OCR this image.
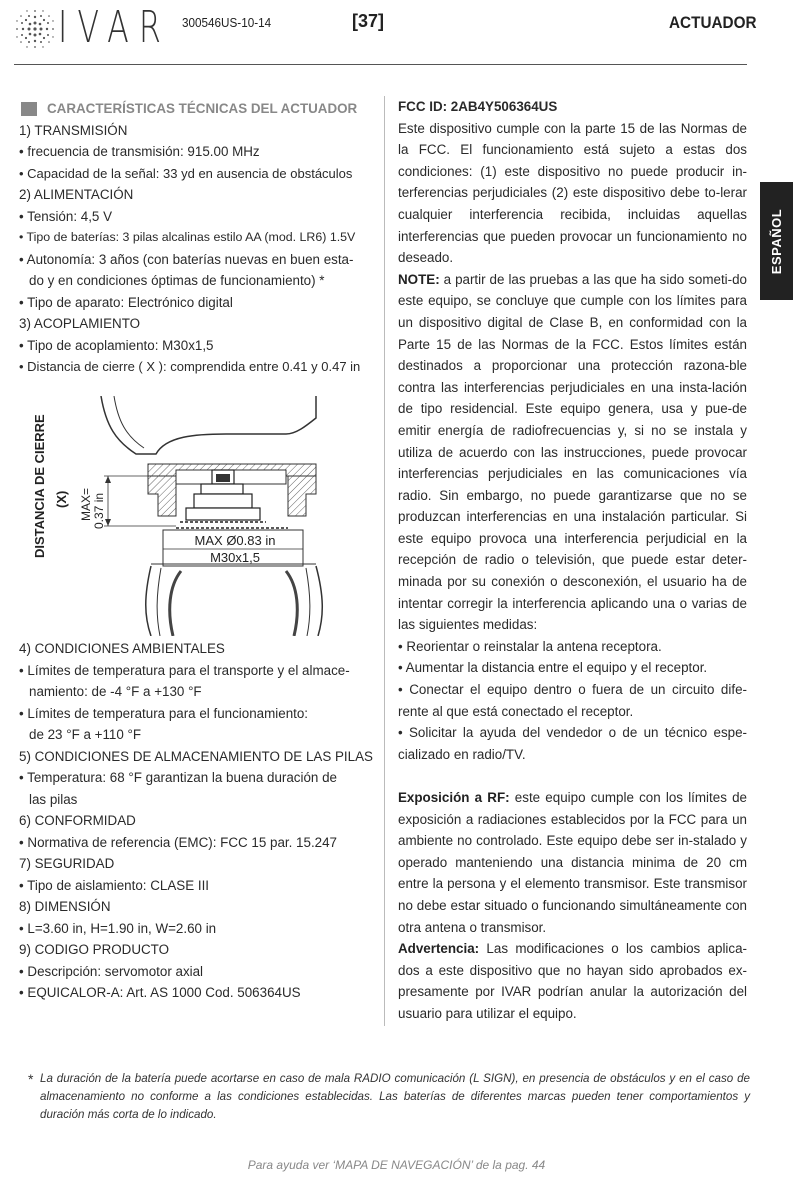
IVAR 300546US-10-14	[37]	ACTUADOR
ESPAÑOL
CARACTERÍSTICAS TÉCNICAS DEL ACTUADOR
1) TRANSMISIÓN
• frecuencia de transmisión: 915.00 MHz
• Capacidad de la señal: 33 yd en ausencia de obstáculos
2) ALIMENTACIÓN
• Tensión: 4,5 V
• Tipo de baterías: 3 pilas alcalinas estilo AA (mod. LR6) 1.5V
• Autonomía: 3 años (con baterías nuevas en buen esta-
do y en condiciones óptimas de funcionamiento) *
• Tipo de aparato: Electrónico digital
3) ACOPLAMIENTO
• Tipo de acoplamiento: M30x1,5
• Distancia de cierre ( X ): comprendida entre 0.41 y 0.47 in
MAX Ø0.83 in
M30x1,5
DISTANCIA DE CIERRE (X) MAX= 0.37 in
4) CONDICIONES AMBIENTALES
• Límites de temperatura para el transporte y el almace-
namiento: de -4 °F a +130 °F
• Límites de temperatura para el funcionamiento:
de 23 °F a +110 °F
5) CONDICIONES DE ALMACENAMIENTO DE LAS PILAS
• Temperatura: 68 °F garantizan la buena duración de
las pilas
6) CONFORMIDAD
• Normativa de referencia (EMC): FCC 15 par. 15.247
7) SEGURIDAD
• Tipo de aislamiento: CLASE III
8) DIMENSIÓN
• L=3.60 in, H=1.90 in, W=2.60 in
9) CODIGO PRODUCTO
• Descripción: servomotor axial
• EQUICALOR-A: Art. AS 1000 Cod. 506364US
FCC ID: 2AB4Y506364US
Este dispositivo cumple con la parte 15 de las Normas de la FCC. El funcionamiento está sujeto a estas dos condiciones: (1) este dispositivo no puede producir in-terferencias perjudiciales (2) este dispositivo debe to-lerar cualquier interferencia recibida, incluidas aquellas interferencias que pueden provocar un funcionamiento no deseado.
NOTE: a partir de las pruebas a las que ha sido someti-do este equipo, se concluye que cumple con los límites para un dispositivo digital de Clase B, en conformidad con la Parte 15 de las Normas de la FCC. Estos límites están destinados a proporcionar una protección razona-ble contra las interferencias perjudiciales en una insta-lación de tipo residencial. Este equipo genera, usa y pue-de emitir energía de radiofrecuencias y, si no se instala y utiliza de acuerdo con las instrucciones, puede provocar interferencias perjudiciales en las comunicaciones vía radio. Sin embargo, no puede garantizarse que no se produzcan interferencias en una instalación particular. Si este equipo provoca una interferencia perjudicial en la recepción de radio o televisión, que puede estar deter-minada por su conexión o desconexión, el usuario ha de intentar corregir la interferencia aplicando una o varias de las siguientes medidas:
• Reorientar o reinstalar la antena receptora.
• Aumentar la distancia entre el equipo y el receptor.
• Conectar el equipo dentro o fuera de un circuito dife-rente al que está conectado el receptor.
• Solicitar la ayuda del vendedor o de un técnico espe-cializado en radio/TV.
Exposición a RF: este equipo cumple con los límites de exposición a radiaciones establecidos por la FCC para un ambiente no controlado. Este equipo debe ser in-stalado y operado manteniendo una distancia minima de 20 cm entre la persona y el elemento transmisor. Este transmisor no debe estar situado o funcionando simultáneamente con otra antena o transmisor.
Advertencia: Las modificaciones o los cambios aplica-dos a este dispositivo que no hayan sido aprobados ex-presamente por IVAR podrían anular la autorización del usuario para utilizar el equipo.
* La duración de la batería puede acortarse en caso de mala RADIO comunicación (L SIGN), en presencia de obstáculos y en el caso de almacenamiento no conforme a las condiciones establecidas. Las baterías de diferentes marcas pueden tener comportamientos y duración más corta de lo indicado.
Para ayuda ver ‘MAPA DE NAVEGACIÓN’ de la pag. 44
